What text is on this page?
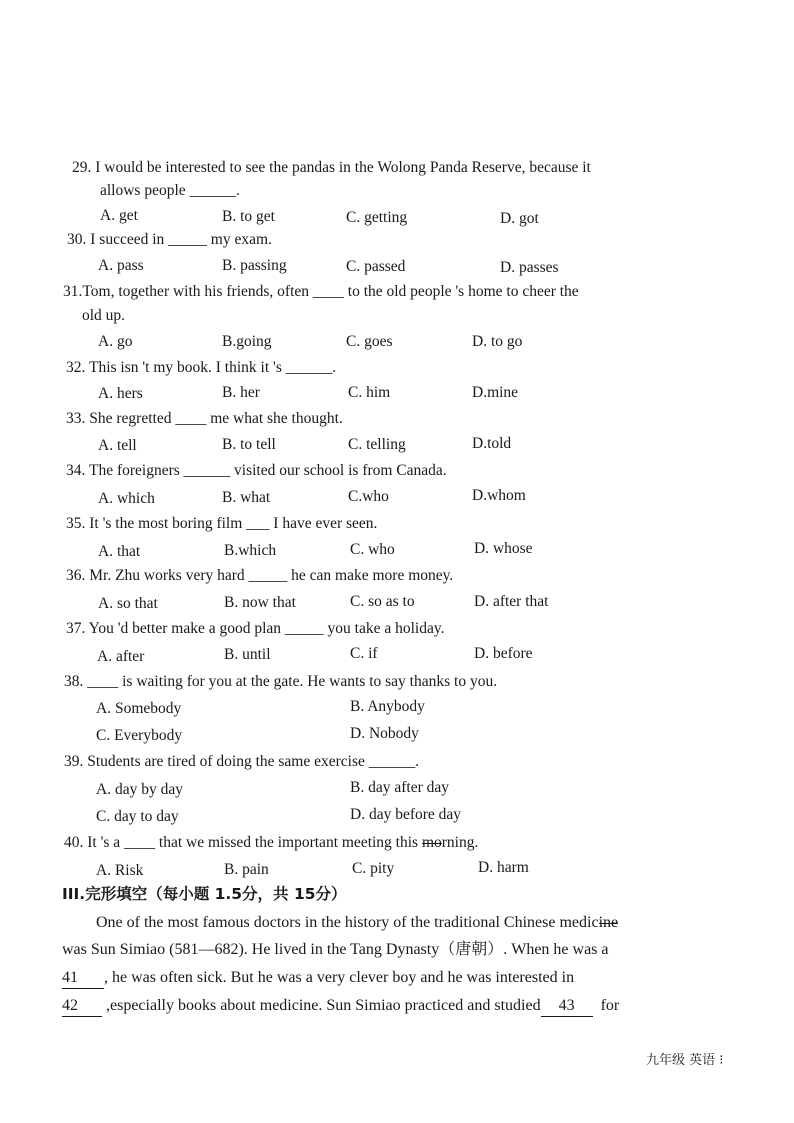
29. I would be interested to see the pandas in the Wolong Panda Reserve, because it
allows people ______.
A. get	B. to get	C. getting	D. got
30. I succeed in _____ my exam.
A. pass	B. passing	C. passed	D. passes
31.Tom, together with his friends, often ____ to the old people 's home to cheer the
old up.
A. go	B.going	C. goes	D. to go
32. This isn 't my book. I think it 's ______.
A. hers	B. her	C. him	D.mine
33. She regretted ____ me what she thought.
A. tell	B. to tell	C. telling	D.told
34. The foreigners ______ visited our school is from Canada.
A. which	B. what	C.who	D.whom
35. It 's the most boring film ___ I have ever seen.
A. that	B.which	C. who	D. whose
36. Mr. Zhu works very hard _____ he can make more money.
A. so that	B. now that	C. so as to	D. after that
37. You 'd better make a good plan _____ you take a holiday.
A. after	B. until	C. if	D. before
38. ____ is waiting for you at the gate. He wants to say thanks to you.
A. Somebody	B. Anybody
C. Everybody	D. Nobody
39. Students are tired of doing the same exercise ______.
A. day by day	B. day after day
C. day to day	D. day before day
40. It 's a ____ that we missed the important meeting this morning.
A. Risk	B. pain	C. pity	D. harm
III.完形填空（每小题 1.5分，共 15分）
One of the most famous doctors in the history of the traditional Chinese medicine
was Sun Simiao (581—682). He lived in the Tang Dynasty（唐朝）. When he was a
41 , he was often sick. But he was a very clever boy and he was interested in
42 ,especially books about medicine. Sun Simiao practiced and studied 43 for
九年级 英语 ⁝
